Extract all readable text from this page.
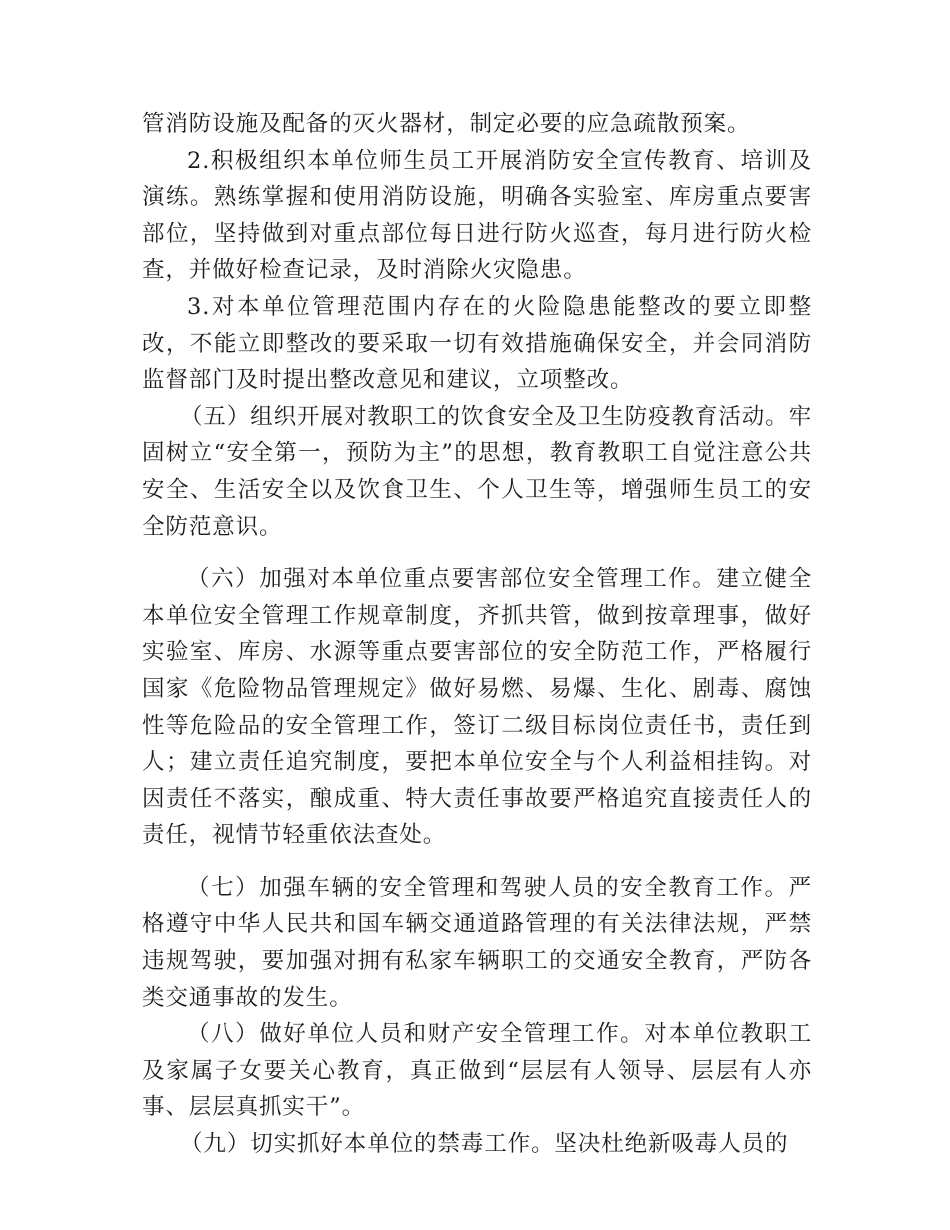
管消防设施及配备的灭火器材，制定必要的应急疏散预案。

2.积极组织本单位师生员工开展消防安全宣传教育、培训及演练。熟练掌握和使用消防设施，明确各实验室、库房重点要害部位，坚持做到对重点部位每日进行防火巡查，每月进行防火检查，并做好检查记录，及时消除火灾隐患。

3.对本单位管理范围内存在的火险隐患能整改的要立即整改，不能立即整改的要采取一切有效措施确保安全，并会同消防监督部门及时提出整改意见和建议，立项整改。

（五）组织开展对教职工的饮食安全及卫生防疫教育活动。牢固树立“安全第一，预防为主”的思想，教育教职工自觉注意公共安全、生活安全以及饮食卫生、个人卫生等，增强师生员工的安全防范意识。

（六）加强对本单位重点要害部位安全管理工作。建立健全本单位安全管理工作规章制度，齐抓共管，做到按章理事，做好实验室、库房、水源等重点要害部位的安全防范工作，严格履行国家《危险物品管理规定》做好易燃、易爆、生化、剧毒、腐蚀性等危险品的安全管理工作，签订二级目标岗位责任书，责任到人；建立责任追究制度，要把本单位安全与个人利益相挂钩。对因责任不落实，酿成重、特大责任事故要严格追究直接责任人的责任，视情节轻重依法查处。

（七）加强车辆的安全管理和驾驶人员的安全教育工作。严格遵守中华人民共和国车辆交通道路管理的有关法律法规，严禁违规驾驶，要加强对拥有私家车辆职工的交通安全教育，严防各类交通事故的发生。

（八）做好单位人员和财产安全管理工作。对本单位教职工及家属子女要关心教育，真正做到“层层有人领导、层层有人亦事、层层真抓实干”。

（九）切实抓好本单位的禁毒工作。坚决杜绝新吸毒人员的
